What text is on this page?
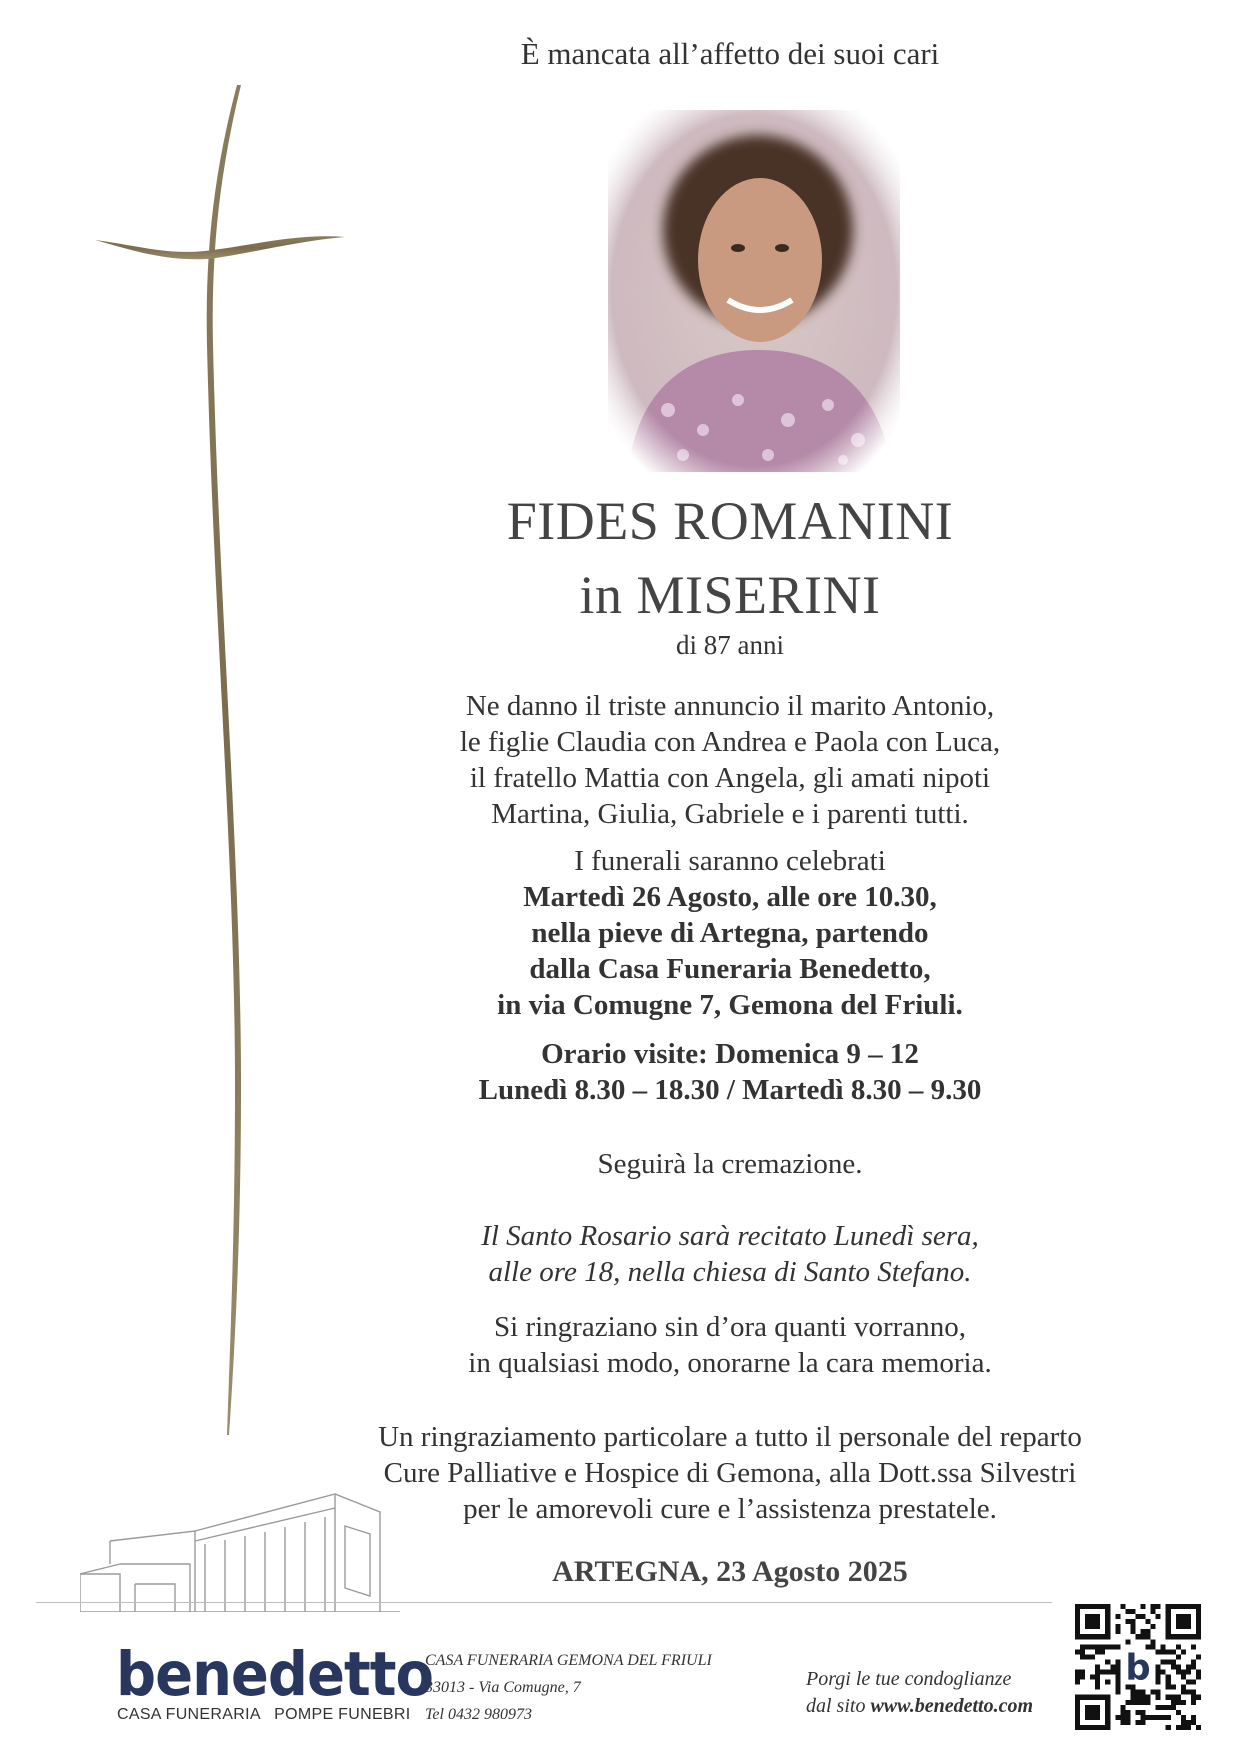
È mancata all’affetto dei suoi cari
FIDES ROMANINI
in MISERINI
di 87 anni
Ne danno il triste annuncio il marito Antonio,
le figlie Claudia con Andrea e Paola con Luca,
il fratello Mattia con Angela, gli amati nipoti
Martina, Giulia, Gabriele e i parenti tutti.
I funerali saranno celebrati
Martedì 26 Agosto, alle ore 10.30,
nella pieve di Artegna, partendo
dalla Casa Funeraria Benedetto,
in via Comugne 7, Gemona del Friuli.
Orario visite: Domenica 9 – 12
Lunedì 8.30 – 18.30 / Martedì 8.30 – 9.30
Seguirà la cremazione.
Il Santo Rosario sarà recitato Lunedì sera,
alle ore 18, nella chiesa di Santo Stefano.
Si ringraziano sin d’ora quanti vorranno,
in qualsiasi modo, onorarne la cara memoria.
Un ringraziamento particolare a tutto il personale del reparto
Cure Palliative e Hospice di Gemona, alla Dott.ssa Silvestri
per le amorevoli cure e l’assistenza prestatele.
ARTEGNA, 23 Agosto 2025
benedetto
CASA FUNERARIA   POMPE FUNEBRI
CASA FUNERARIA GEMONA DEL FRIULI
33013 - Via Comugne, 7
Tel 0432 980973
Porgi le tue condoglianze
dal sito www.benedetto.com
b
